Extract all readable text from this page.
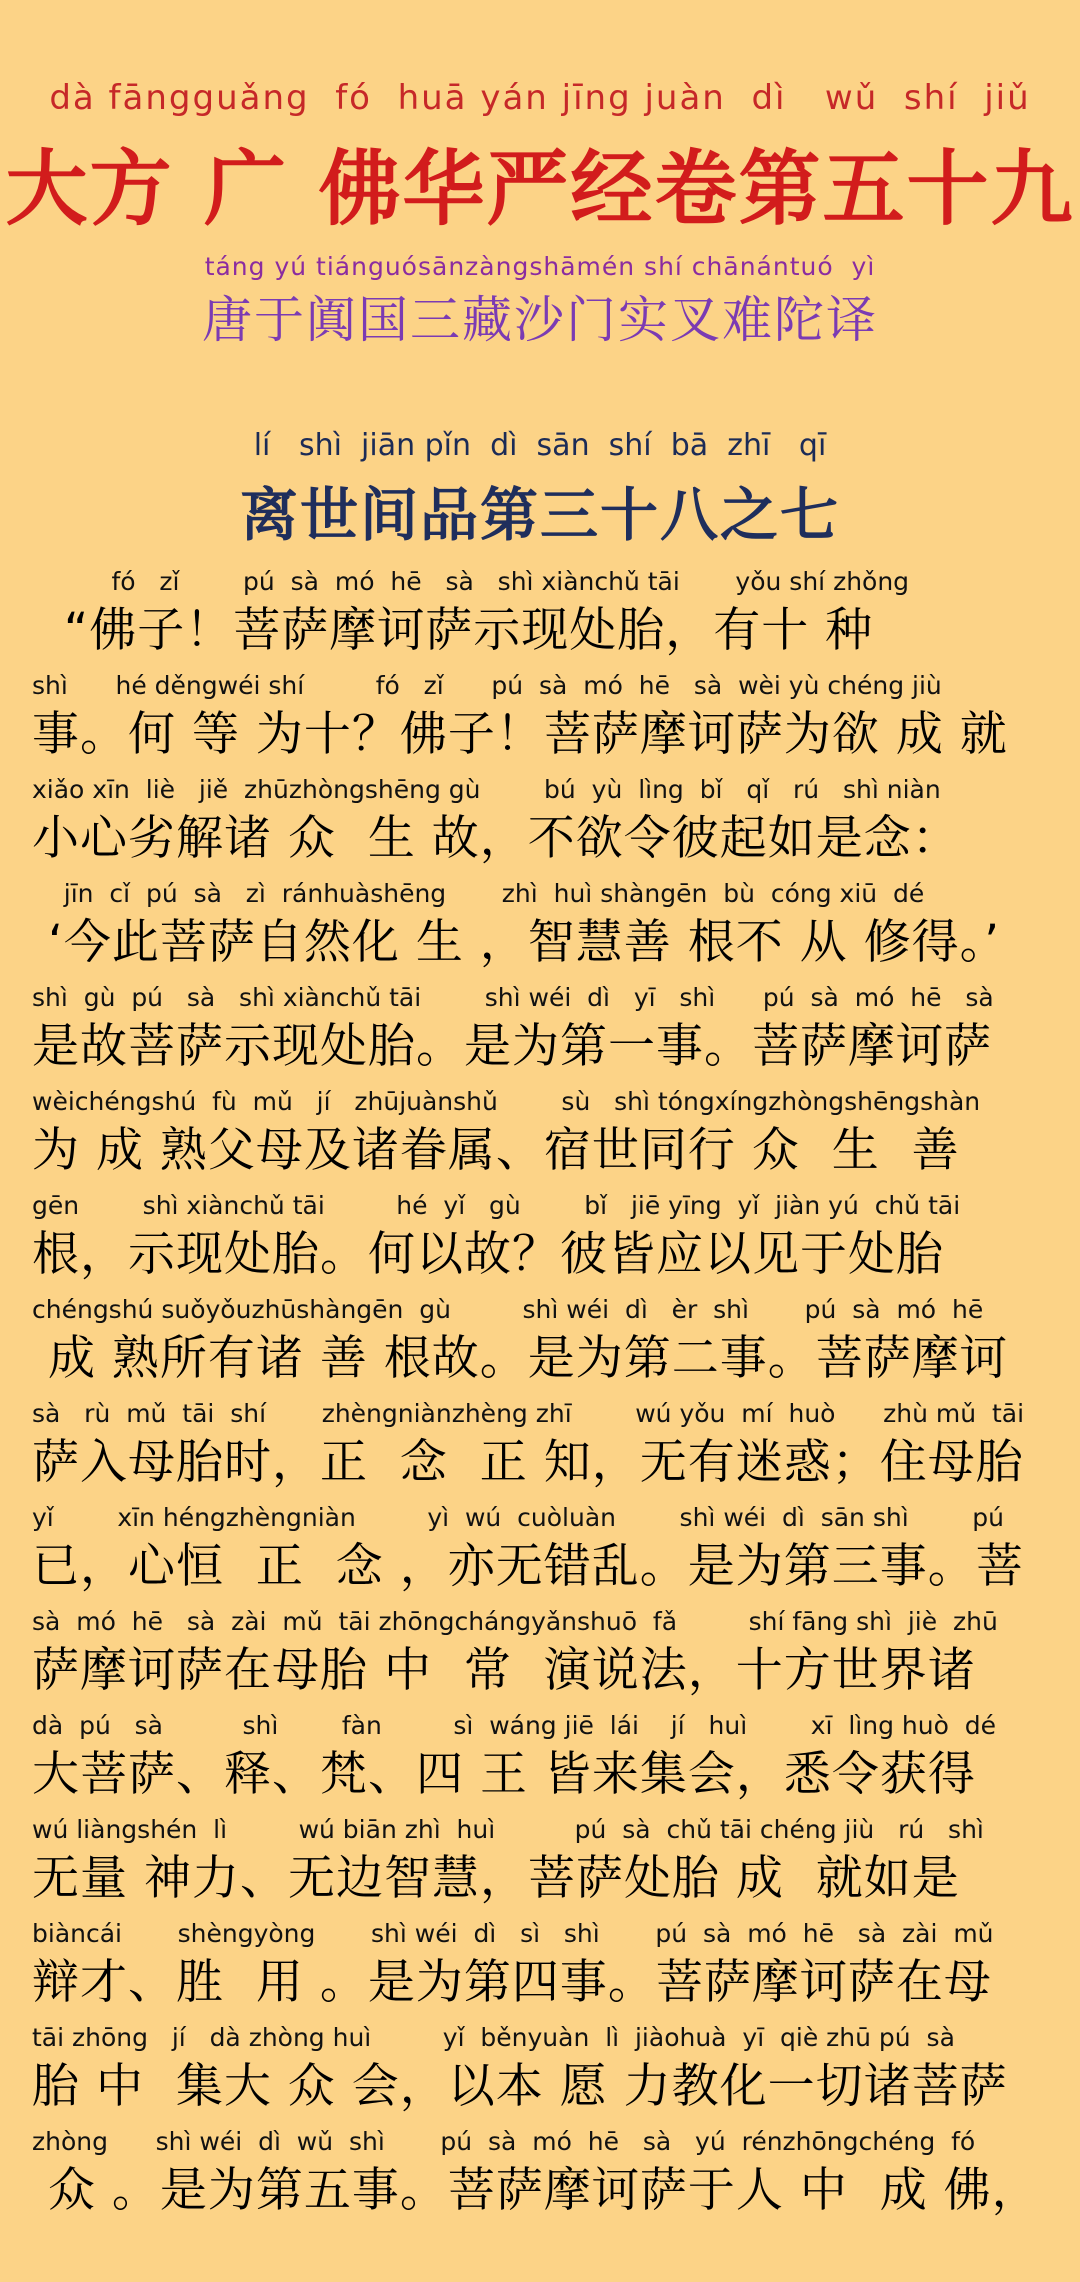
dà fāngguǎng  fó  huā yán jīng juàn  dì   wǔ  shí  jiǔ
大方 广 佛华严经卷第五十九
táng yú tiánguósānzàngshāmén shí chānántuó  yì
唐于阗国三藏沙门实叉难陀译
lí   shì  jiān pǐn  dì  sān  shí  bā  zhī   qī
离世间品第三十八之七
fó   zǐ        pú  sà  mó  hē   sà   shì xiànchǔ tāi       yǒu shí zhǒng
“佛子！菩萨摩诃萨示现处胎，有十 种
shì      hé děngwéi shí         fó   zǐ      pú  sà  mó  hē   sà  wèi yù chéng jiù
事。何 等 为十？佛子！菩萨摩诃萨为欲 成 就
xiǎo xīn  liè   jiě  zhūzhòngshēng gù        bú  yù  lìng  bǐ   qǐ   rú   shì niàn
小心劣解诸 众  生 故，不欲令彼起如是念：
jīn  cǐ  pú  sà   zì  ránhuàshēng       zhì  huì shàngēn  bù  cóng xiū  dé
‘今此菩萨自然化 生 ，智慧善 根不 从 修得。’
shì  gù  pú   sà   shì xiànchǔ tāi        shì wéi  dì   yī   shì      pú  sà  mó  hē   sà
是故菩萨示现处胎。是为第一事。菩萨摩诃萨
wèichéngshú  fù  mǔ   jí   zhūjuànshǔ        sù   shì tóngxíngzhòngshēngshàn
为 成 熟父母及诸眷属、宿世同行 众  生  善
gēn        shì xiànchǔ tāi         hé  yǐ   gù        bǐ   jiē yīng  yǐ  jiàn yú  chǔ tāi
根，示现处胎。何以故？彼皆应以见于处胎
chéngshú suǒyǒuzhūshàngēn  gù         shì wéi  dì   èr  shì       pú  sà  mó  hē
成 熟所有诸 善 根故。是为第二事。菩萨摩诃
sà   rù  mǔ  tāi  shí       zhèngniànzhèng zhī        wú yǒu  mí  huò      zhù mǔ  tāi
萨入母胎时，正  念  正 知，无有迷惑；住母胎
yǐ        xīn héngzhèngniàn         yì  wú  cuòluàn        shì wéi  dì  sān shì        pú
已，心恒  正  念 ，亦无错乱。是为第三事。菩
sà  mó  hē   sà  zài  mǔ  tāi zhōngchángyǎnshuō  fǎ         shí fāng shì  jiè  zhū
萨摩诃萨在母胎 中  常  演说法，十方世界诸
dà  pú   sà          shì        fàn         sì  wáng jiē  lái    jí   huì        xī  lìng huò  dé
大菩萨、释、梵、四 王 皆来集会，悉令获得
wú liàngshén  lì         wú biān zhì  huì          pú  sà  chǔ tāi chéng jiù   rú   shì
无量 神力、无边智慧，菩萨处胎 成  就如是
biàncái       shèngyòng       shì wéi  dì   sì   shì       pú  sà  mó  hē   sà  zài  mǔ
辩才、胜  用 。是为第四事。菩萨摩诃萨在母
tāi zhōng   jí   dà zhòng huì         yǐ  běnyuàn  lì  jiàohuà  yī  qiè zhū pú  sà
胎 中  集大 众 会，以本 愿 力教化一切诸菩萨
zhòng      shì wéi  dì  wǔ  shì       pú  sà  mó  hē   sà   yú  rénzhōngchéng  fó
众 。是为第五事。菩萨摩诃萨于人 中  成 佛，
